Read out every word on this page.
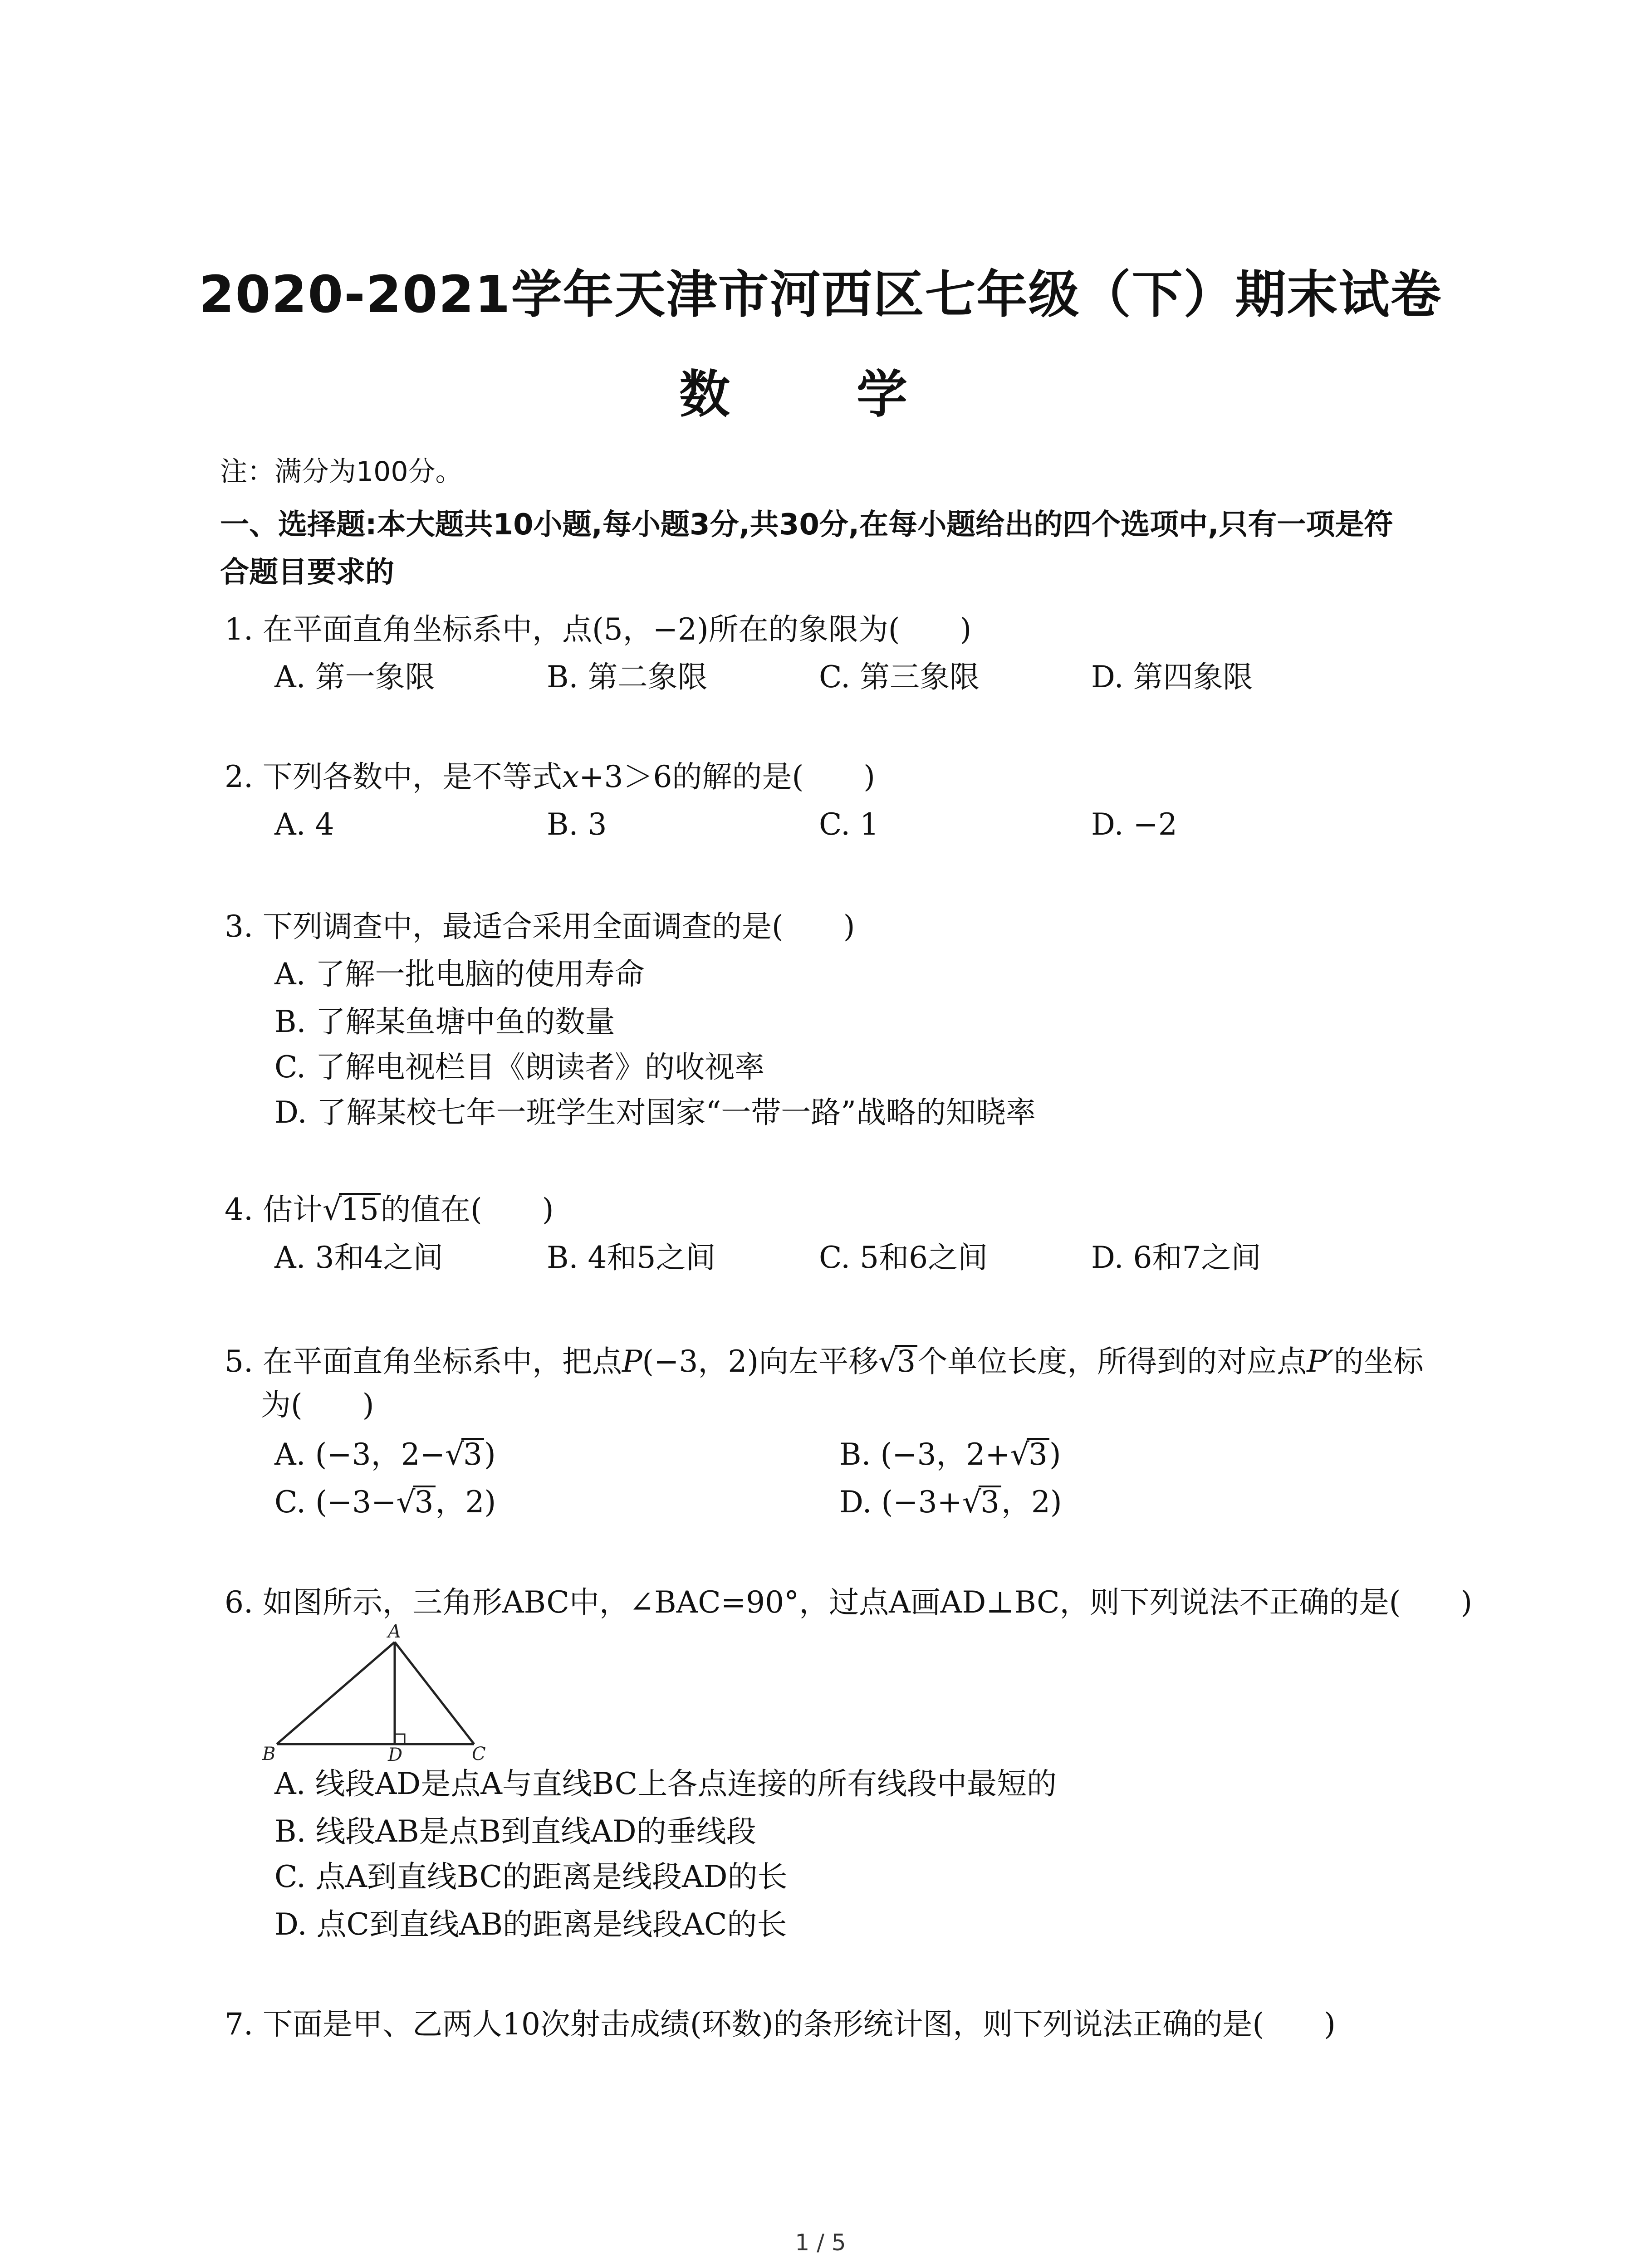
2020-2021学年天津市河西区七年级（下）期末试卷
数 学
注：满分为100分。
一、选择题:本大题共10小题,每小题3分,共30分,在每小题给出的四个选项中,只有一项是符
合题目要求的
1. 在平面直角坐标系中，点(5，−2)所在的象限为(　　)
A. 第一象限	B. 第二象限	C. 第三象限	D. 第四象限
2. 下列各数中，是不等式x+3＞6的解的是(　　)
A. 4	B. 3	C. 1	D. −2
3. 下列调查中，最适合采用全面调查的是(　　)
A. 了解一批电脑的使用寿命
B. 了解某鱼塘中鱼的数量
C. 了解电视栏目《朗读者》的收视率
D. 了解某校七年一班学生对国家“一带一路”战略的知晓率
4. 估计√15的值在(　　)
A. 3和4之间	B. 4和5之间	C. 5和6之间	D. 6和7之间
5. 在平面直角坐标系中，把点P(−3，2)向左平移√3个单位长度，所得到的对应点P′的坐标
为(　　)
A. (−3，2−√3)	B. (−3，2+√3)
C. (−3−√3，2)	D. (−3+√3，2)
6. 如图所示，三角形ABC中，∠BAC=90°，过点A画AD⊥BC，则下列说法不正确的是(　　)
A
B	D	C
A. 线段AD是点A与直线BC上各点连接的所有线段中最短的
B. 线段AB是点B到直线AD的垂线段
C. 点A到直线BC的距离是线段AD的长
D. 点C到直线AB的距离是线段AC的长
7. 下面是甲、乙两人10次射击成绩(环数)的条形统计图，则下列说法正确的是(　　)
1 / 5
